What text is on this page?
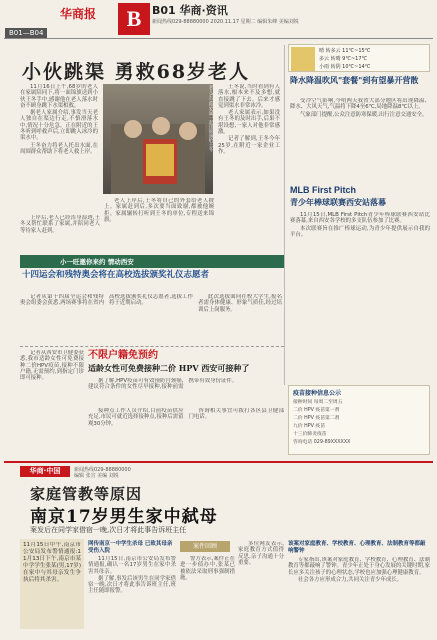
B01—B04
华商报	B B01 华商·资讯
新闻热线029-88880000 2020.11.17 星期二 编辑朱峰 美编刘锐
小伙跳渠 勇救68岁老人

11月16日上午,68岁的老人在家属陪同下,将一面锦旗送到小伙王冬手中,感谢他在老人落水时奋不顾身跳下水渠相救。

据老人家属介绍,事发当天老人独自在渠边行走,不慎滑落水中,情况十分危急。正在附近的王冬听到呼救声后,立即跳入冰冷的渠水中。

王冬奋力将老人托出水面,在周围群众帮助下将老人救上岸。

老人(右)和家属一起送锦旗给王冬	王冬说,当时看到有人落水,根本来不及多想,就直接跳了下去。后来才感觉到渠水非常冰冷。

老人家属表示,如果没有王冬的及时出手,后果不堪设想,一家人对他非常感激。

记者了解到,王冬今年25岁,在附近一家企业工作。

上岸后,老人已经浑身湿透,王冬又帮忙联系了家属,并陪同老人等待家人赶到。

老人上岸后,王冬将自己的外套给老人披上。家属赶到后,多次要当面致谢,都被他婉拒。家属辗转打听到王冬的单位,专程送来锦旗。

晴 转多云 11℃~15℃
多云 转晴 9℃~17℃
小雨 转阴 10℃~14℃
降水降温吹风"套餐"到有望暴开营散

受冷空气影响,今明两天我省大部分地区将出现降温、降水、大风天气,气温将下降4至6℃,局地降温8℃以上。

气象部门提醒,公众注意防寒保暖,出行注意交通安全。

MLB First Pitch
青少年棒球联赛西安站落幕

11月15日,MLB First Pitch青少年棒球联赛西安站比赛落幕,来自西安各学校的多支队伍参加了比赛。

本次联赛旨在推广棒球运动,为青少年提供展示自我的平台。

小一旺邀你来约 情动西安
十四运会和残特奥会将在高校选拔颁奖礼仪志愿者

记者从第十四届全运会和残特奥会组委会获悉,两场赛事将在省内高校选拔颁奖礼仪志愿者,选拔工作将于近期启动。

此次选拔面向在校大学生,报名者需身体健康、形象气质佳,经过培训后上岗服务。

不限户籍免预约
适龄女性可免费接种二价 HPV 西安可接种了

记者从西安市卫健委获悉,我市适龄女性可免费接种二价HPV疫苗,接种不限户籍,无需预约,到指定门诊即可接种。	据了解,HPV疫苗可有效预防宫颈癌,建议符合条件的女性尽早接种,接种前需携带有效身份证件。

疫苗接种信息公示
接种时间 每周二至周五
二价 HPV 疫苗第一剂
二价 HPV 疫苗第二剂
九价 HPV 疫苗
十三价肺炎疫苗
咨询电话 029-89XXXXXX

接种点工作人员介绍,目前疫苗供应充足,市民可就近选择接种点,接种后需留观30分钟。

咨询相关事宜可拨打各区县卫健部门电话。

华商·中国	新闻热线029-88880000
编辑 张宣 美编 刘锐
家庭管教等原因
南京17岁男生家中弑母
案发后在同学家借宿一晚,次日才将此事告诉班主任
11月15日中午,南京市公安局发布警情通报:11月13日下午,南京市某中学学生张某(男,17岁)在家中与其母亲发生争执后将其杀害。
网传南京一中学生杀母 已致其母亲受伤入院

11月15日,南京市公安局发布警情通报,确认一名17岁男生在家中杀害其母亲。

据了解,事发后该男生在同学家借宿一晚,次日才将此事告诉班主任,班主任随即报警。

案件回顾

警方表示,案件正在进一步侦办中,张某已被依法采取刑事强制措施。

多位网友表示,家庭教育方式值得反思,亲子沟通十分重要。

该案对家庭教育、学校教育、心理教育、法制教育等都敲响警钟

专家指出,该案对家庭教育、学校教育、心理教育、法制教育等都敲响了警钟。青少年正处于身心发展的关键时期,家长应多关注孩子的心理状态,学校也应加强心理健康教育。

社会各方应形成合力,共同关注青少年成长。
